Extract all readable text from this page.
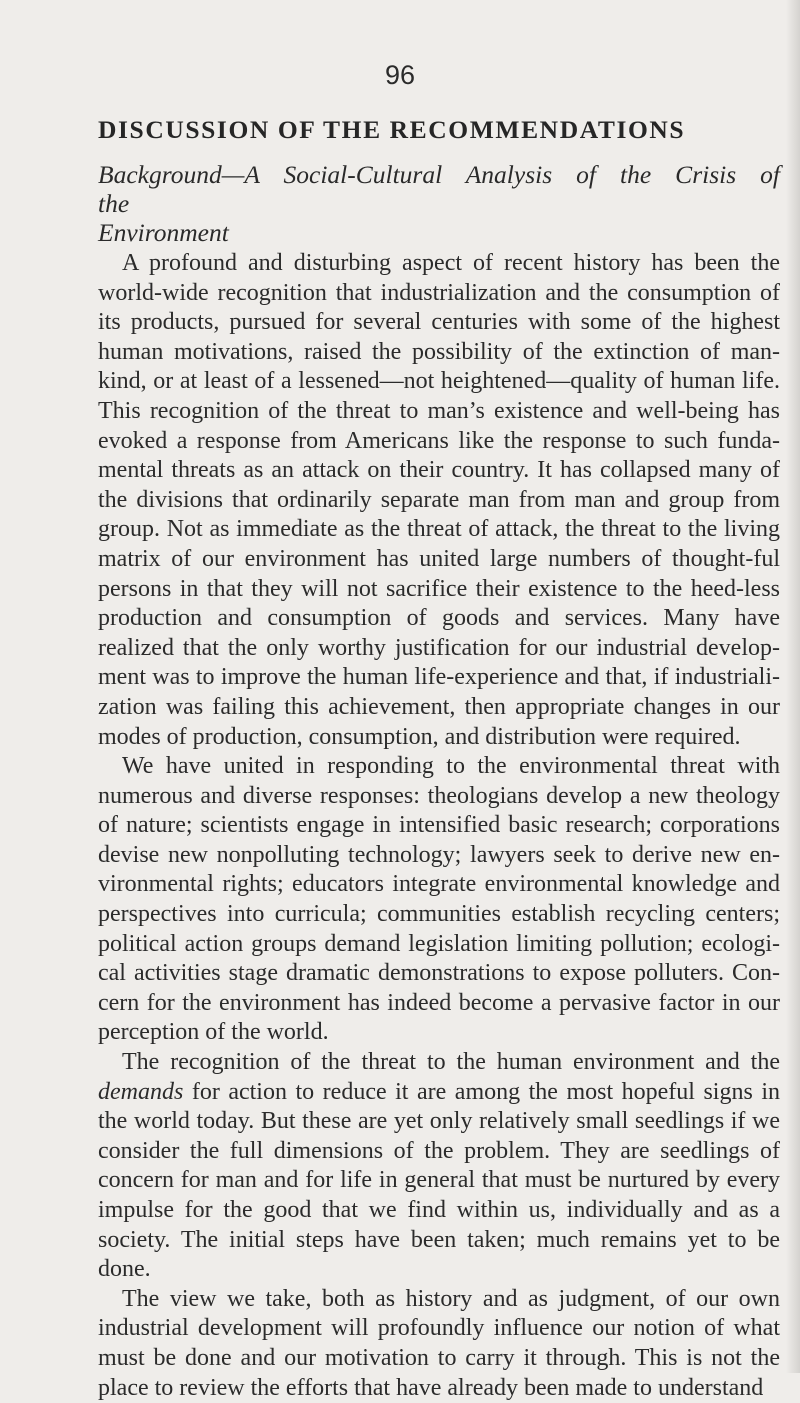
96
DISCUSSION OF THE RECOMMENDATIONS
Background—A Social-Cultural Analysis of the Crisis of the
Environment

A profound and disturbing aspect of recent history has been the world-wide recognition that industrialization and the consumption of its products, pursued for several centuries with some of the highest human motivations, raised the possibility of the extinction of man-kind, or at least of a lessened—not heightened—quality of human life. This recognition of the threat to man’s existence and well-being has evoked a response from Americans like the response to such funda-mental threats as an attack on their country. It has collapsed many of the divisions that ordinarily separate man from man and group from group. Not as immediate as the threat of attack, the threat to the living matrix of our environment has united large numbers of thought-ful persons in that they will not sacrifice their existence to the heed-less production and consumption of goods and services. Many have realized that the only worthy justification for our industrial develop-ment was to improve the human life-experience and that, if industriali-zation was failing this achievement, then appropriate changes in our modes of production, consumption, and distribution were required.

We have united in responding to the environmental threat with numerous and diverse responses: theologians develop a new theology of nature; scientists engage in intensified basic research; corporations devise new nonpolluting technology; lawyers seek to derive new en-vironmental rights; educators integrate environmental knowledge and perspectives into curricula; communities establish recycling centers; political action groups demand legislation limiting pollution; ecologi-cal activities stage dramatic demonstrations to expose polluters. Con-cern for the environment has indeed become a pervasive factor in our perception of the world.

The recognition of the threat to the human environment and the demands for action to reduce it are among the most hopeful signs in the world today. But these are yet only relatively small seedlings if we consider the full dimensions of the problem. They are seedlings of concern for man and for life in general that must be nurtured by every impulse for the good that we find within us, individually and as a society. The initial steps have been taken; much remains yet to be done.

The view we take, both as history and as judgment, of our own industrial development will profoundly influence our notion of what must be done and our motivation to carry it through. This is not the place to review the efforts that have already been made to understand
